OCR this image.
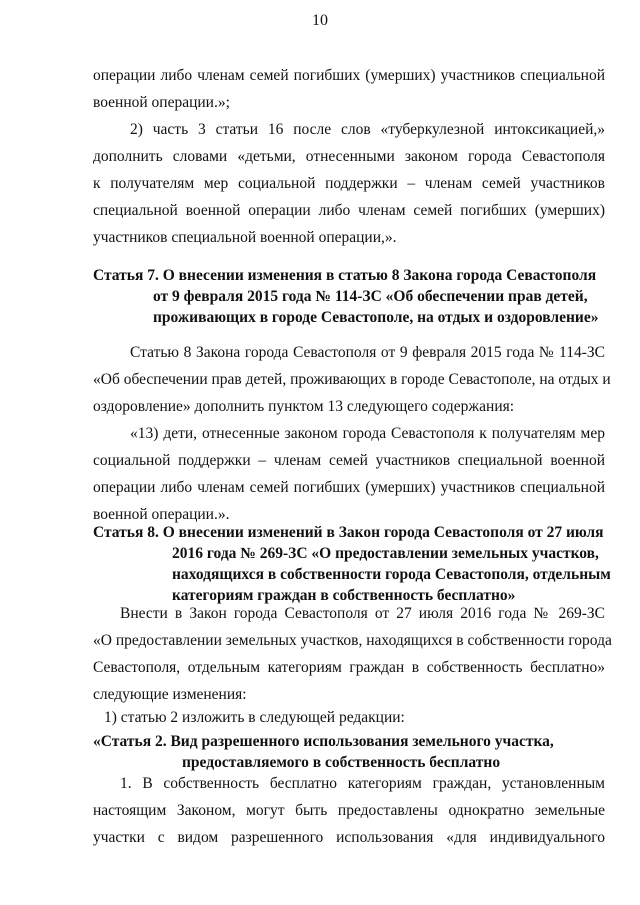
10
операции либо членам семей погибших (умерших) участников специальной
военной операции.»;
2) часть 3 статьи 16 после слов «туберкулезной интоксикацией,»
дополнить словами «детьми, отнесенными законом города Севастополя
к получателям мер социальной поддержки – членам семей участников
специальной военной операции либо членам семей погибших (умерших)
участников специальной военной операции,».
Статья 7. О внесении изменения в статью 8 Закона города Севастополя
от 9 февраля 2015 года № 114-ЗС «Об обеспечении прав детей,
проживающих в городе Севастополе, на отдых и оздоровление»
Статью 8 Закона города Севастополя от 9 февраля 2015 года № 114-ЗС
«Об обеспечении прав детей, проживающих в городе Севастополе, на отдых и
оздоровление» дополнить пунктом 13 следующего содержания:
«13) дети, отнесенные законом города Севастополя к получателям мер
социальной поддержки – членам семей участников специальной военной
операции либо членам семей погибших (умерших) участников специальной
военной операции.».
Статья 8. О внесении изменений в Закон города Севастополя от 27 июля
2016 года № 269-ЗС «О предоставлении земельных участков,
находящихся в собственности города Севастополя, отдельным
категориям граждан в собственность бесплатно»
Внести в Закон города Севастополя от 27 июля 2016 года № 269-ЗС
«О предоставлении земельных участков, находящихся в собственности города
Севастополя, отдельным категориям граждан в собственность бесплатно»
следующие изменения:
1) статью 2 изложить в следующей редакции:
«Статья 2. Вид разрешенного использования земельного участка,
предоставляемого в собственность бесплатно
1. В собственность бесплатно категориям граждан, установленным
настоящим Законом, могут быть предоставлены однократно земельные
участки с видом разрешенного использования «для индивидуального
